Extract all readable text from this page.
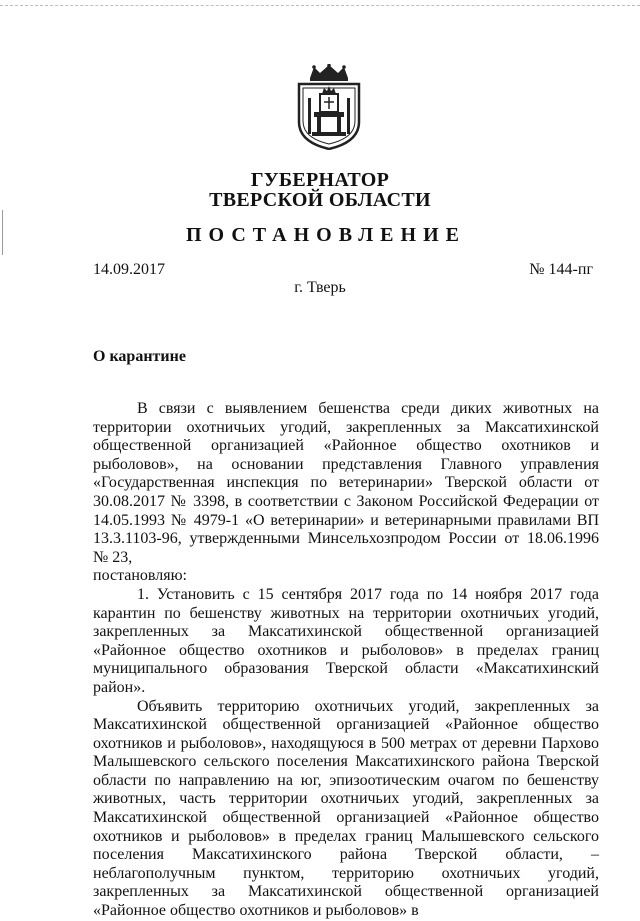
ГУБЕРНАТОР
ТВЕРСКОЙ ОБЛАСТИ
ПОСТАНОВЛЕНИЕ
14.09.2017	№ 144-пг
г. Тверь
О карантине

В связи с выявлением бешенства среди диких животных на территории охотничьих угодий, закрепленных за Максатихинской общественной организацией «Районное общество охотников и рыболовов», на основании представления Главного управления «Государственная инспекция по ветеринарии» Тверской области от 30.08.2017 № 3398, в соответствии с Законом Российской Федерации от 14.05.1993 № 4979-1 «О ветеринарии» и ветеринарными правилами ВП 13.3.1103-96, утвержденными Минсельхозпродом России от 18.06.1996 № 23,

постановляю:

1. Установить с 15 сентября 2017 года по 14 ноября 2017 года карантин по бешенству животных на территории охотничьих угодий, закрепленных за Максатихинской общественной организацией «Районное общество охотников и рыболовов» в пределах границ муниципального образования Тверской области «Максатихинский район».

Объявить территорию охотничьих угодий, закрепленных за Максатихинской общественной организацией «Районное общество охотников и рыболовов», находящуюся в 500 метрах от деревни Пархово Малышевского сельского поселения Максатихинского района Тверской области по направлению на юг, эпизоотическим очагом по бешенству животных, часть территории охотничьих угодий, закрепленных за Максатихинской общественной организацией «Районное общество охотников и рыболовов» в пределах границ Малышевского сельского поселения Максатихинского района Тверской области, – неблагополучным пунктом, территорию охотничьих угодий, закрепленных за Максатихинской общественной организацией «Районное общество охотников и рыболовов» в
